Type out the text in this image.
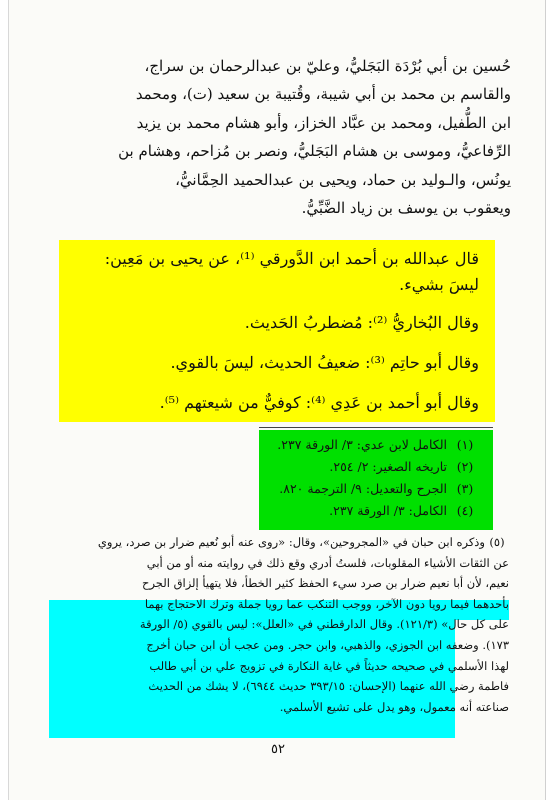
حُسين بن أبي بُرْدَة البَجَليُّ، وعليّ بن عبدالرحمان بن سراج،

والقاسم بن محمد بن أبي شيبة، وقُتيبة بن سعيد (ت)، ومحمد

ابن الطُّفيل، ومحمد بن عبَّاد الخزاز، وأبو هشام محمد بن يزيد

الرِّفاعيُّ، وموسى بن هشام البَجَليُّ، ونصر بن مُزاحم، وهشام بن

يونُس، والـوليد بن حماد، ويحيى بن عبدالحميد الحِمَّانيُّ،

ويعقوب بن يوسف بن زياد الضَّبِّيُّ.

قال عبدالله بن أحمد ابن الدَّورقي ⁽¹⁾، عن يحيى بن مَعِين:

ليسَ بشيء.

وقال البُخاريُّ ⁽²⁾: مُضطربُ الحَديث.

وقال أبو حاتِم ⁽³⁾: ضعيفُ الحديث، ليسَ بالقوي.

وقال أبو أحمد بن عَدِي ⁽⁴⁾: كوفيٌّ من شيعتهم ⁽⁵⁾.

(١)
الكامل لابن عدي: ٣/ الورقة ٢٣٧.
(٢)
تاريخه الصغير: ٢/ ٢٥٤.
(٣)
الجرح والتعديل: ٩/ الترجمة ٨٢٠.
(٤)
الكامل: ٣/ الورقة ٢٣٧.
(٥)
وذكره ابن حبان في «المجروحين»، وقال: «روى عنه أبو نُعيم ضرار بن صرد، يروي
عن الثقات الأشياء المقلوبات، فلستُ أدري وقع ذلك في روايته منه أو من أبي
نعيم، لأن أبا نعيم ضرار بن صرد سيء الحفظ كثير الخطأ، فلا يتهيأ إلزاق الجرح
بأحدهما فيما رويا دون الآخر، ووجب التنكب عما رويا جملة وترك الاحتجاج بهما
على كل حال» (١٢١/٣). وقال الدارقطني في «العلل»: ليس بالقوي (٥/ الورقة
١٧٣). وضعفه ابن الجوزي، والذهبي، وابن حجر. ومن عجب أن ابن حبان أخرج
لهذا الأسلمي في صحيحه حديثاً في غاية النكارة في تزويج علي بن أبي طالب
فاطمة رضي الله عنهما (الإحسان: ٣٩٣/١٥ حديث ٦٩٤٤)، لا يشك من الحديث
صناعته أنه معمول، وهو يدل على تشيع الأسلمي.
٥٢
